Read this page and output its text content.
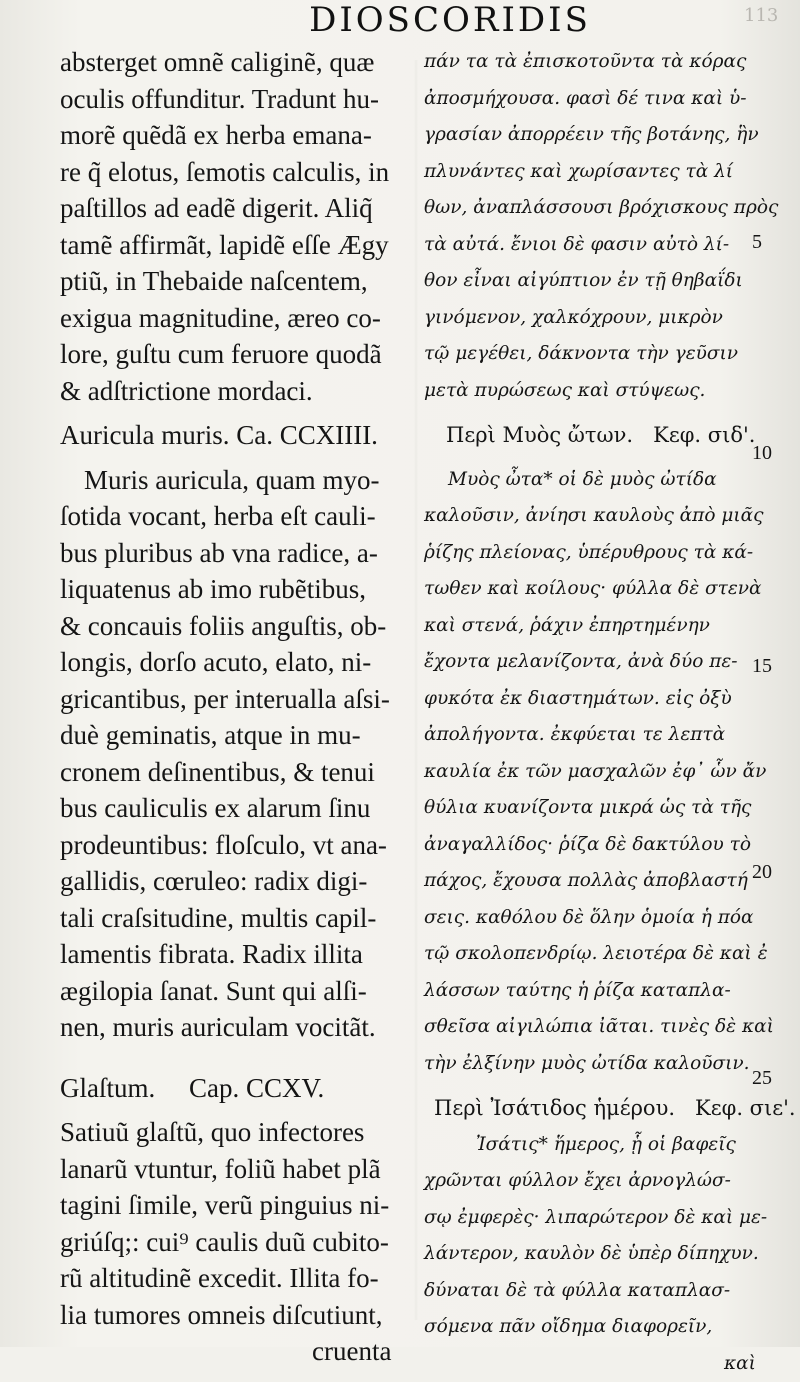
DIOSCORIDIS	113
absterget omnẽ caliginẽ, quæ
oculis offunditur. Tradunt hu-
morẽ quẽdã ex herba emana-
re q̃ elotus, ſemotis calculis, in
paſtillos ad eadẽ digerit. Aliq̃
tamẽ affirmãt, lapidẽ eſſe Ægy
ptiũ, in Thebaide naſcentem,
exigua magnitudine, æreo co-
lore, guſtu cum feruore quodã
& adſtrictione mordaci.
Auricula muris. Ca. CCXIIII.
Muris auricula, quam myo-
ſotida vocant, herba eſt cauli-
bus pluribus ab vna radice, a-
liquatenus ab imo rubẽtibus,
& concauis foliis anguſtis, ob-
longis, dorſo acuto, elato, ni-
gricantibus, per interualla aſsi-
duè geminatis, atque in mu-
cronem deſinentibus, & tenui
bus cauliculis ex alarum ſinu
prodeuntibus: floſculo, vt ana-
gallidis, cœruleo: radix digi-
tali craſsitudine, multis capil-
lamentis fibrata. Radix illita
ægilopia ſanat. Sunt qui alſi-
nen, muris auriculam vocitãt.
Glaſtum.     Cap. CCXV.
Satiuũ glaſtũ, quo infectores
lanarũ vtuntur, foliũ habet plã
tagini ſimile, verũ pinguius ni-
griúſq;: cui⁹ caulis duũ cubito-
rũ altitudinẽ excedit. Illita fo-
lia tumores omneis diſcutiunt,
cruenta
πάν τα τὰ ἐπισκοτοῦντα τὰ κόρας
ἀποσμήχουσα. φασὶ δέ τινα καὶ ὑ-
γρασίαν ἀπορρέειν τῆς βοτάνης, ἣν
πλυνάντες καὶ χωρίσαντες τὰ λί
θων, ἀναπλάσσουσι βρόχισκους πρὸς
τὰ αὐτά. ἔνιοι δὲ φασιν αὐτὸ λί-
θον εἶναι αἰγύπτιον ἐν τῇ θηβαΐδι
γινόμενον, χαλκόχρουν, μικρὸν
τῷ μεγέθει, δάκνοντα τὴν γεῦσιν
μετὰ πυρώσεως καὶ στύψεως.
Περὶ Μυὸς ὤτων.   Κεφ. σιδ'.
Μυὸς ὦτα* οἱ δὲ μυὸς ὠτίδα
καλοῦσιν, ἀνίησι καυλοὺς ἀπὸ μιᾶς
ῥίζης πλείονας, ὑπέρυθρους τὰ κά-
τωθεν καὶ κοίλους· φύλλα δὲ στενὰ
καὶ στενά, ῥάχιν ἐπηρτημένην
ἔχοντα μελανίζοντα, ἀνὰ δύο πε-
φυκότα ἐκ διαστημάτων. εἰς ὀξὺ
ἀπολήγοντα. ἐκφύεται τε λεπτὰ
καυλία ἐκ τῶν μασχαλῶν ἐφ᾽ ὧν ἄν
θύλια κυανίζοντα μικρά ὡς τὰ τῆς
ἀναγαλλίδος· ῥίζα δὲ δακτύλου τὸ
πάχος, ἔχουσα πολλὰς ἀποβλαστή
σεις. καθόλου δὲ ὅλην ὁμοία ἡ πόα
τῷ σκολοπενδρίῳ. λειοτέρα δὲ καὶ ἐ
λάσσων ταύτης ἡ ῥίζα καταπλα-
σθεῖσα αἰγιλώπια ἰᾶται. τινὲς δὲ καὶ
τὴν ἐλξίνην μυὸς ὠτίδα καλοῦσιν.
Περὶ Ἰσάτιδος ἡμέρου.   Κεφ. σιε'.
Ἰσάτις* ἥμερος, ᾗ οἱ βαφεῖς
χρῶνται φύλλον ἔχει ἀρνογλώσ-
σῳ ἐμφερὲς· λιπαρώτερον δὲ καὶ με-
λάντερον, καυλὸν δὲ ὑπὲρ δίπηχυν.
δύναται δὲ τὰ φύλλα καταπλασ-
σόμενα πᾶν οἴδημα διαφορεῖν,
καὶ
5
10
15
20
25
